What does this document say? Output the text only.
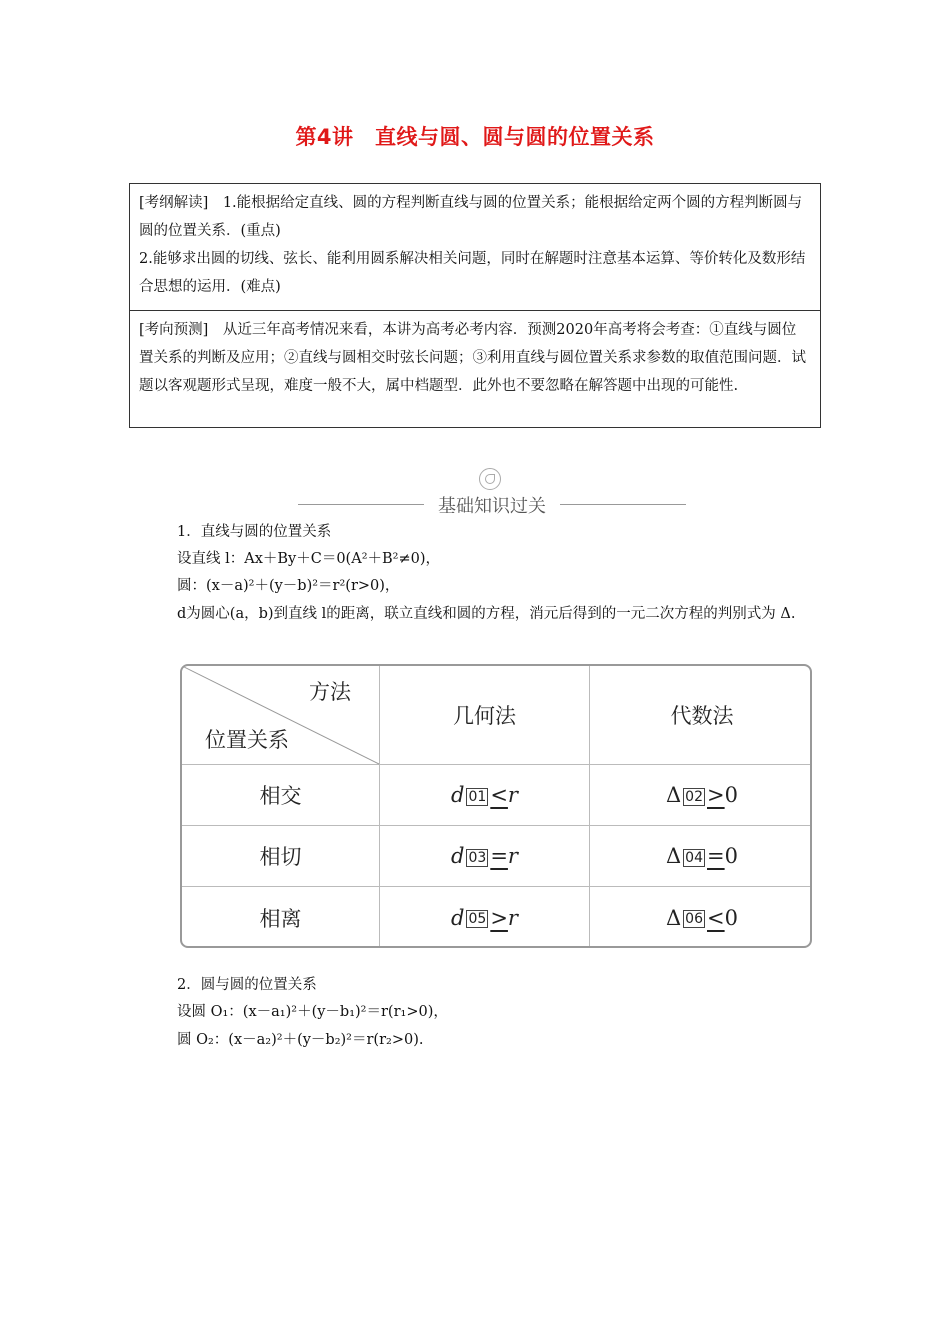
第4讲　直线与圆、圆与圆的位置关系

[考纲解读]　1.能根据给定直线、圆的方程判断直线与圆的位置关系；能根据给定两个圆的方程判断圆与圆的位置关系．(重点)

2.能够求出圆的切线、弦长、能利用圆系解决相关问题，同时在解题时注意基本运算、等价转化及数形结合思想的运用．(难点)

[考向预测]　从近三年高考情况来看，本讲为高考必考内容．预测2020年高考将会考查：①直线与圆位置关系的判断及应用；②直线与圆相交时弦长问题；③利用直线与圆位置关系求参数的取值范围问题．试题以客观题形式呈现，难度一般不大，属中档题型．此外也不要忽略在解答题中出现的可能性.

基础知识过关
1．直线与圆的位置关系
设直线 l：Ax＋By＋C＝0(A²＋B²≠0)，
圆：(x－a)²＋(y－b)²＝r²(r>0)，
d为圆心(a，b)到直线 l的距离，联立直线和圆的方程，消元后得到的一元二次方程的判别式为 Δ.
方法
位置关系
几何法	代数法
相交	d 01 < r	Δ 02 > 0
相切	d 03 = r	Δ 04 = 0
相离	d 05 > r	Δ 06 < 0
2．圆与圆的位置关系
设圆 O₁：(x－a₁)²＋(y－b₁)²＝r(r₁>0)，
圆 O₂：(x－a₂)²＋(y－b₂)²＝r(r₂>0).
